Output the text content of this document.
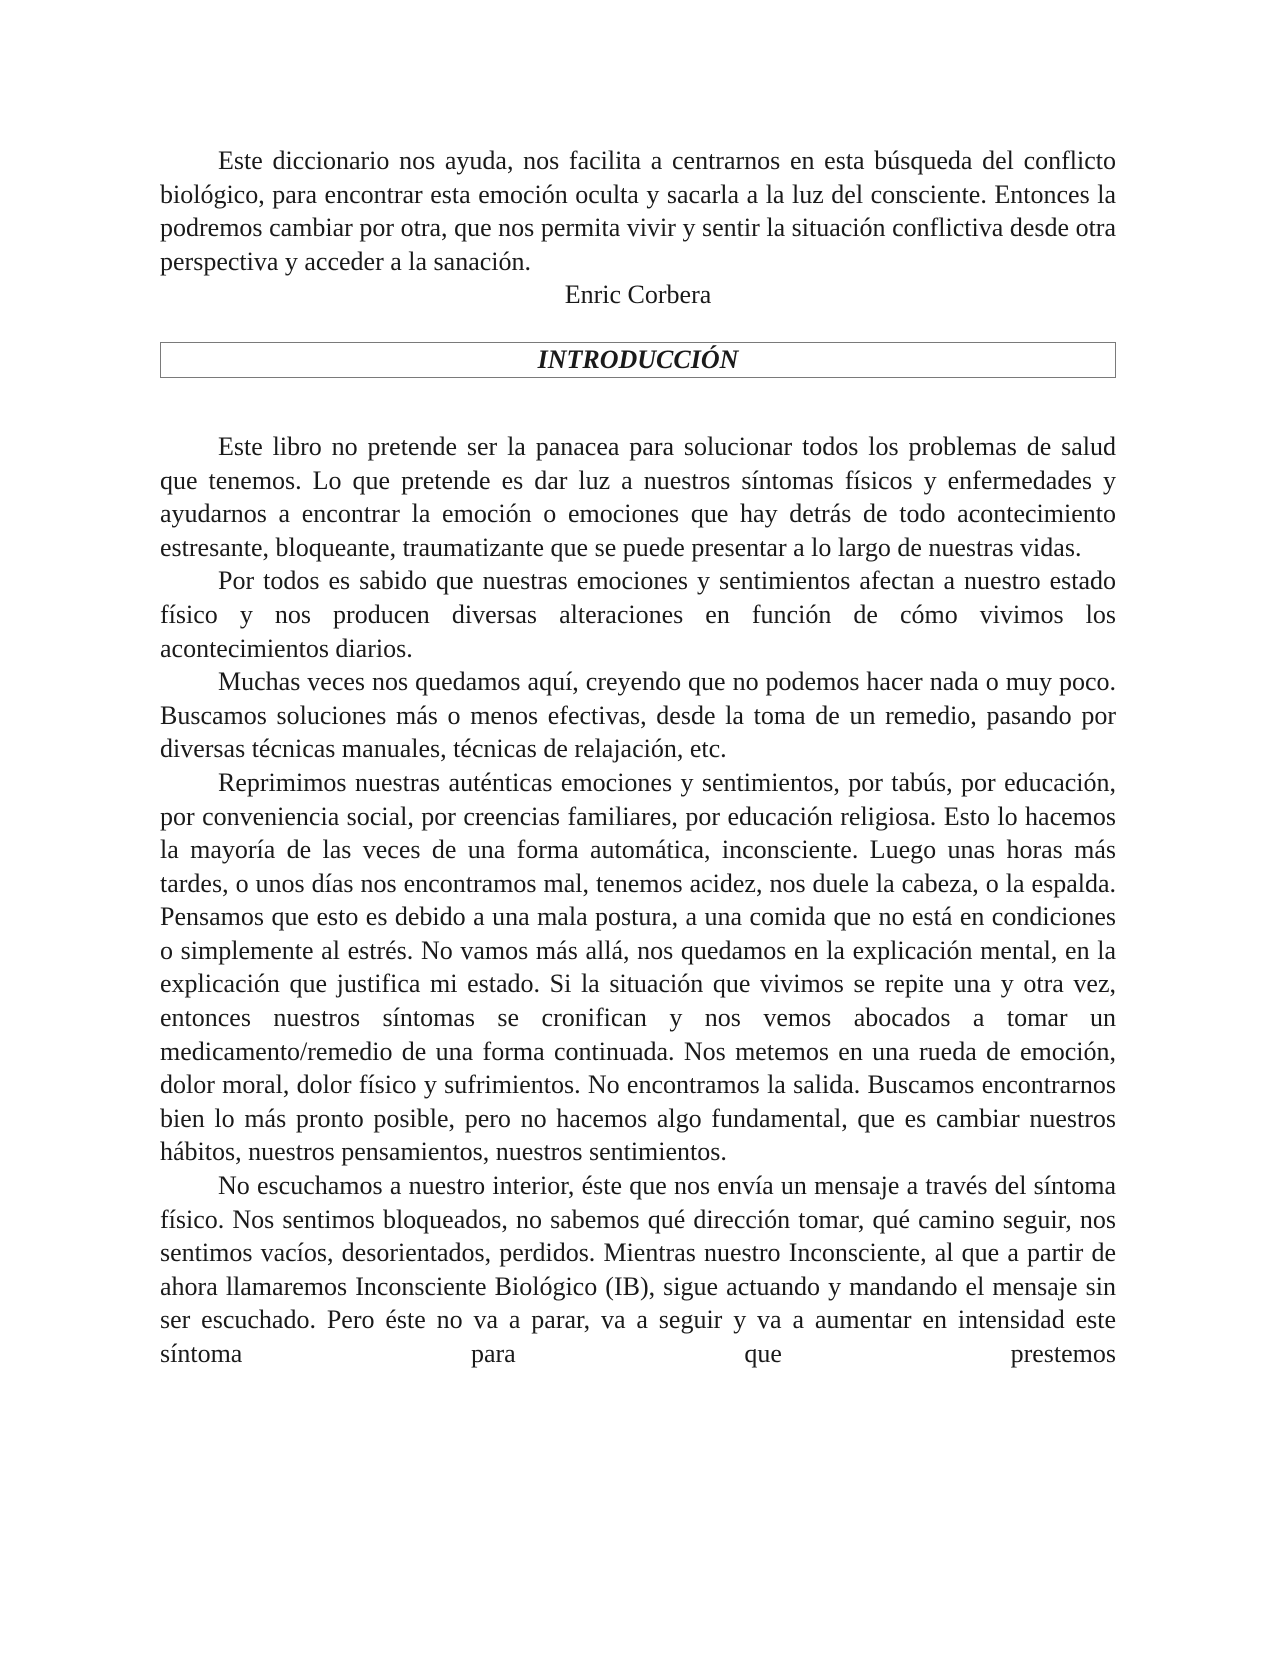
Este diccionario nos ayuda, nos facilita a centrarnos en esta búsqueda del conflicto biológico, para encontrar esta emoción oculta y sacarla a la luz del consciente. Entonces la podremos cambiar por otra, que nos permita vivir y sentir la situación conflictiva desde otra perspectiva y acceder a la sanación.

Enric Corbera

INTRODUCCIÓN

Este libro no pretende ser la panacea para solucionar todos los problemas de salud que tenemos. Lo que pretende es dar luz a nuestros síntomas físicos y enfermedades y ayudarnos a encontrar la emoción o emociones que hay detrás de todo acontecimiento estresante, bloqueante, traumatizante que se puede presentar a lo largo de nuestras vidas.

Por todos es sabido que nuestras emociones y sentimientos afectan a nuestro estado físico y nos producen diversas alteraciones en función de cómo vivimos los acontecimientos diarios.

Muchas veces nos quedamos aquí, creyendo que no podemos hacer nada o muy poco. Buscamos soluciones más o menos efectivas, desde la toma de un remedio, pasando por diversas técnicas manuales, técnicas de relajación, etc.

Reprimimos nuestras auténticas emociones y sentimientos, por tabús, por educación, por conveniencia social, por creencias familiares, por educación religiosa. Esto lo hacemos la mayoría de las veces de una forma automática, inconsciente. Luego unas horas más tardes, o unos días nos encontramos mal, tenemos acidez, nos duele la cabeza, o la espalda. Pensamos que esto es debido a una mala postura, a una comida que no está en condiciones o simplemente al estrés. No vamos más allá, nos quedamos en la explicación mental, en la explicación que justifica mi estado. Si la situación que vivimos se repite una y otra vez, entonces nuestros síntomas se cronifican y nos vemos abocados a tomar un medicamento/remedio de una forma continuada. Nos metemos en una rueda de emoción, dolor moral, dolor físico y sufrimientos. No encontramos la salida. Buscamos encontrarnos bien lo más pronto posible, pero no hacemos algo fundamental, que es cambiar nuestros hábitos, nuestros pensamientos, nuestros sentimientos.

No escuchamos a nuestro interior, éste que nos envía un mensaje a través del síntoma físico. Nos sentimos bloqueados, no sabemos qué dirección tomar, qué camino seguir, nos sentimos vacíos, desorientados, perdidos. Mientras nuestro Inconsciente, al que a partir de ahora llamaremos Inconsciente Biológico (IB), sigue actuando y mandando el mensaje sin ser escuchado. Pero éste no va a parar, va a seguir y va a aumentar en intensidad este síntoma para que prestemos
